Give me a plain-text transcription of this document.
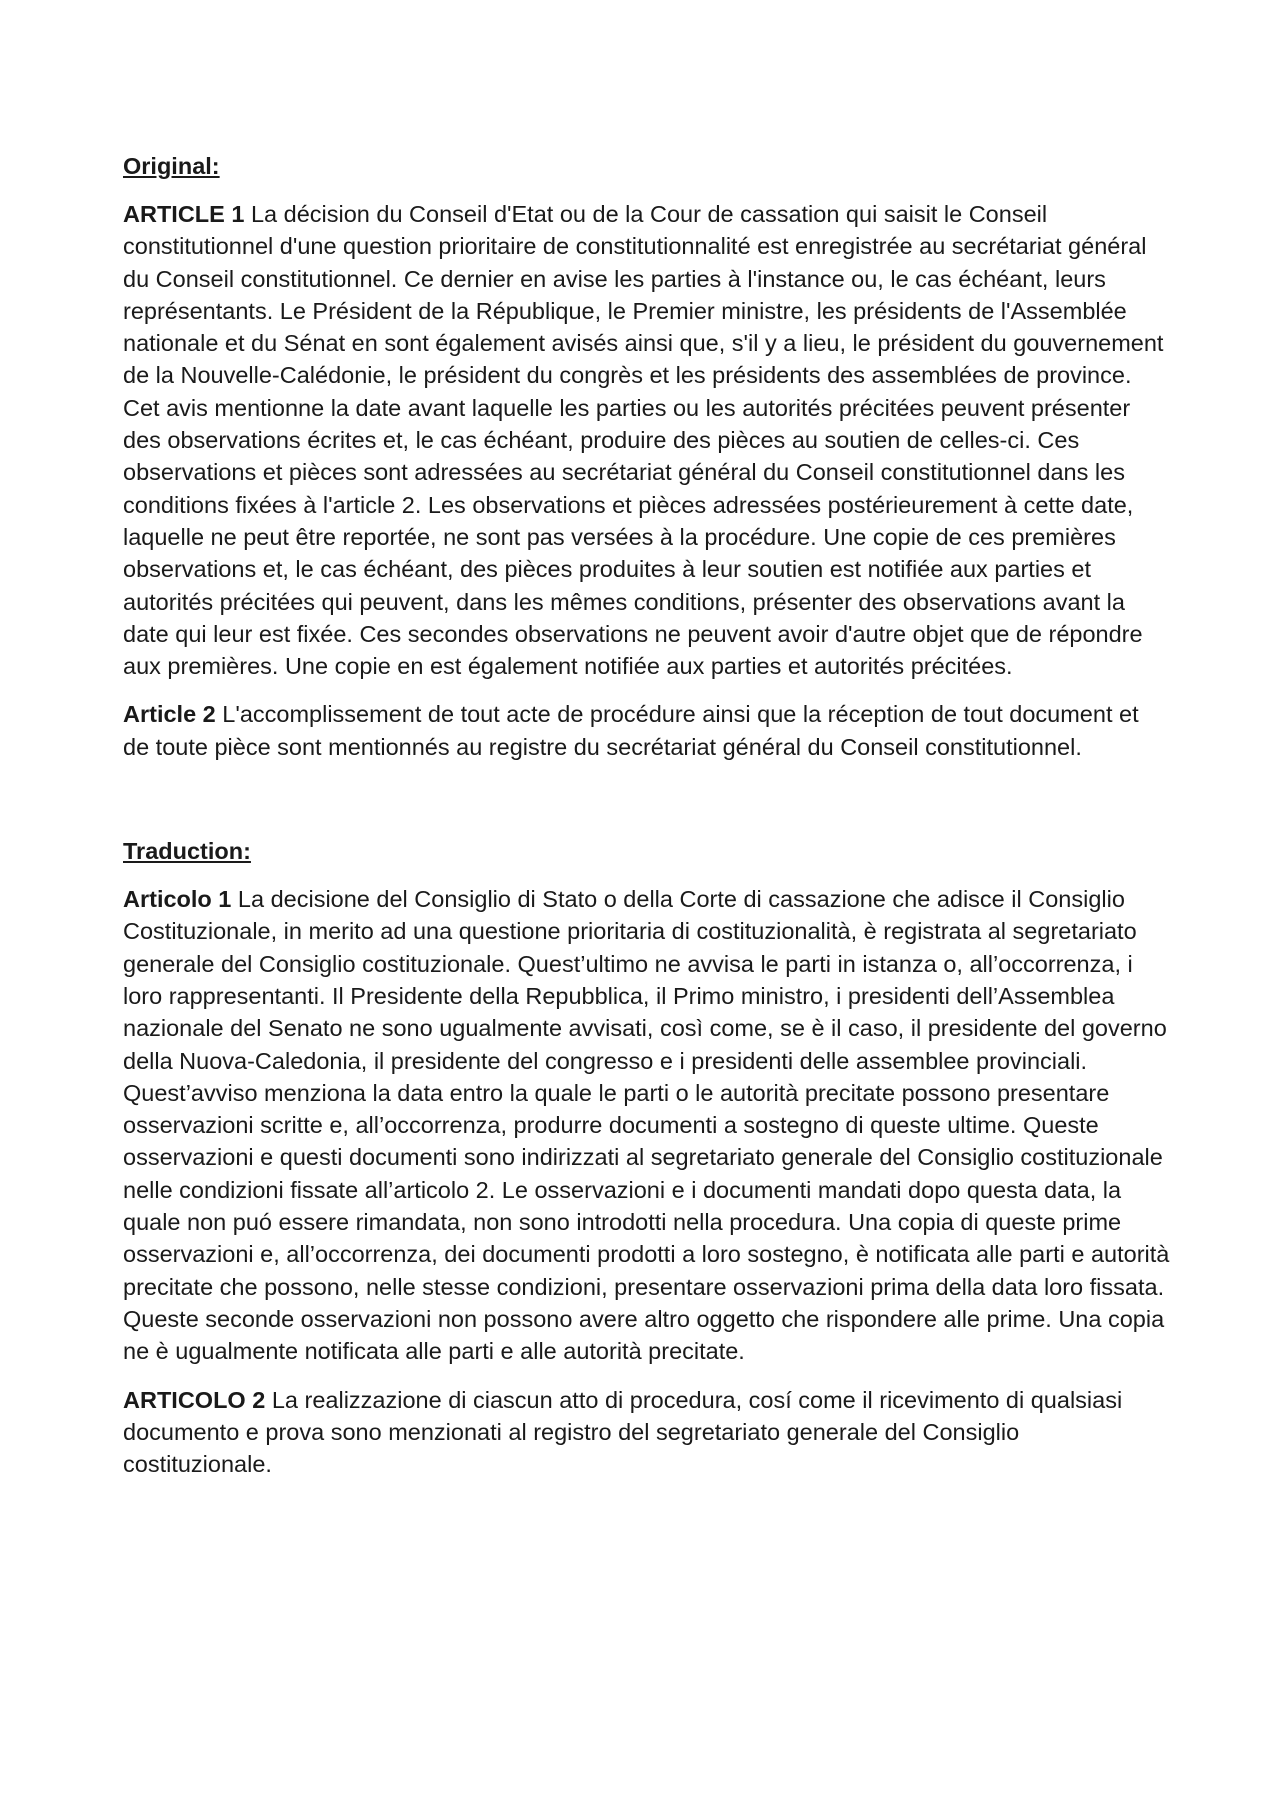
Original:

ARTICLE 1 La décision du Conseil d'Etat ou de la Cour de cassation qui saisit le Conseil constitutionnel d'une question prioritaire de constitutionnalité est enregistrée au secrétariat général du Conseil constitutionnel. Ce dernier en avise les parties à l'instance ou, le cas échéant, leurs représentants. Le Président de la République, le Premier ministre, les présidents de l'Assemblée nationale et du Sénat en sont également avisés ainsi que, s'il y a lieu, le président du gouvernement de la Nouvelle-Calédonie, le président du congrès et les présidents des assemblées de province. Cet avis mentionne la date avant laquelle les parties ou les autorités précitées peuvent présenter des observations écrites et, le cas échéant, produire des pièces au soutien de celles-ci. Ces observations et pièces sont adressées au secrétariat général du Conseil constitutionnel dans les conditions fixées à l'article 2. Les observations et pièces adressées postérieurement à cette date, laquelle ne peut être reportée, ne sont pas versées à la procédure. Une copie de ces premières observations et, le cas échéant, des pièces produites à leur soutien est notifiée aux parties et autorités précitées qui peuvent, dans les mêmes conditions, présenter des observations avant la date qui leur est fixée. Ces secondes observations ne peuvent avoir d'autre objet que de répondre aux premières. Une copie en est également notifiée aux parties et autorités précitées.

Article 2 L'accomplissement de tout acte de procédure ainsi que la réception de tout document et de toute pièce sont mentionnés au registre du secrétariat général du Conseil constitutionnel.

Traduction:

Articolo 1 La decisione del Consiglio di Stato o della Corte di cassazione che adisce il Consiglio Costituzionale, in merito ad una questione prioritaria di costituzionalità, è registrata al segretariato generale del Consiglio costituzionale. Quest’ultimo ne avvisa le parti in istanza o, all’occorrenza, i loro rappresentanti. Il Presidente della Repubblica, il Primo ministro, i presidenti dell’Assemblea nazionale del Senato ne sono ugualmente avvisati, così come, se è il caso, il presidente del governo della Nuova-Caledonia, il presidente del congresso e i presidenti delle assemblee provinciali. Quest’avviso menziona la data entro la quale le parti o le autorità precitate possono presentare osservazioni scritte e, all’occorrenza, produrre documenti a sostegno di queste ultime. Queste osservazioni e questi documenti sono indirizzati al segretariato generale del Consiglio costituzionale nelle condizioni fissate all’articolo 2. Le osservazioni e i documenti mandati dopo questa data, la quale non puó essere rimandata, non sono introdotti nella procedura. Una copia di queste prime osservazioni e, all’occorrenza, dei documenti prodotti a loro sostegno, è notificata alle parti e autorità precitate che possono, nelle stesse condizioni, presentare osservazioni prima della data loro fissata. Queste seconde osservazioni non possono avere altro oggetto che rispondere alle prime. Una copia ne è ugualmente notificata alle parti e alle autorità precitate.

ARTICOLO 2 La realizzazione di ciascun atto di procedura, cosí come il ricevimento di qualsiasi documento e prova sono menzionati al registro del segretariato generale del Consiglio costituzionale.
